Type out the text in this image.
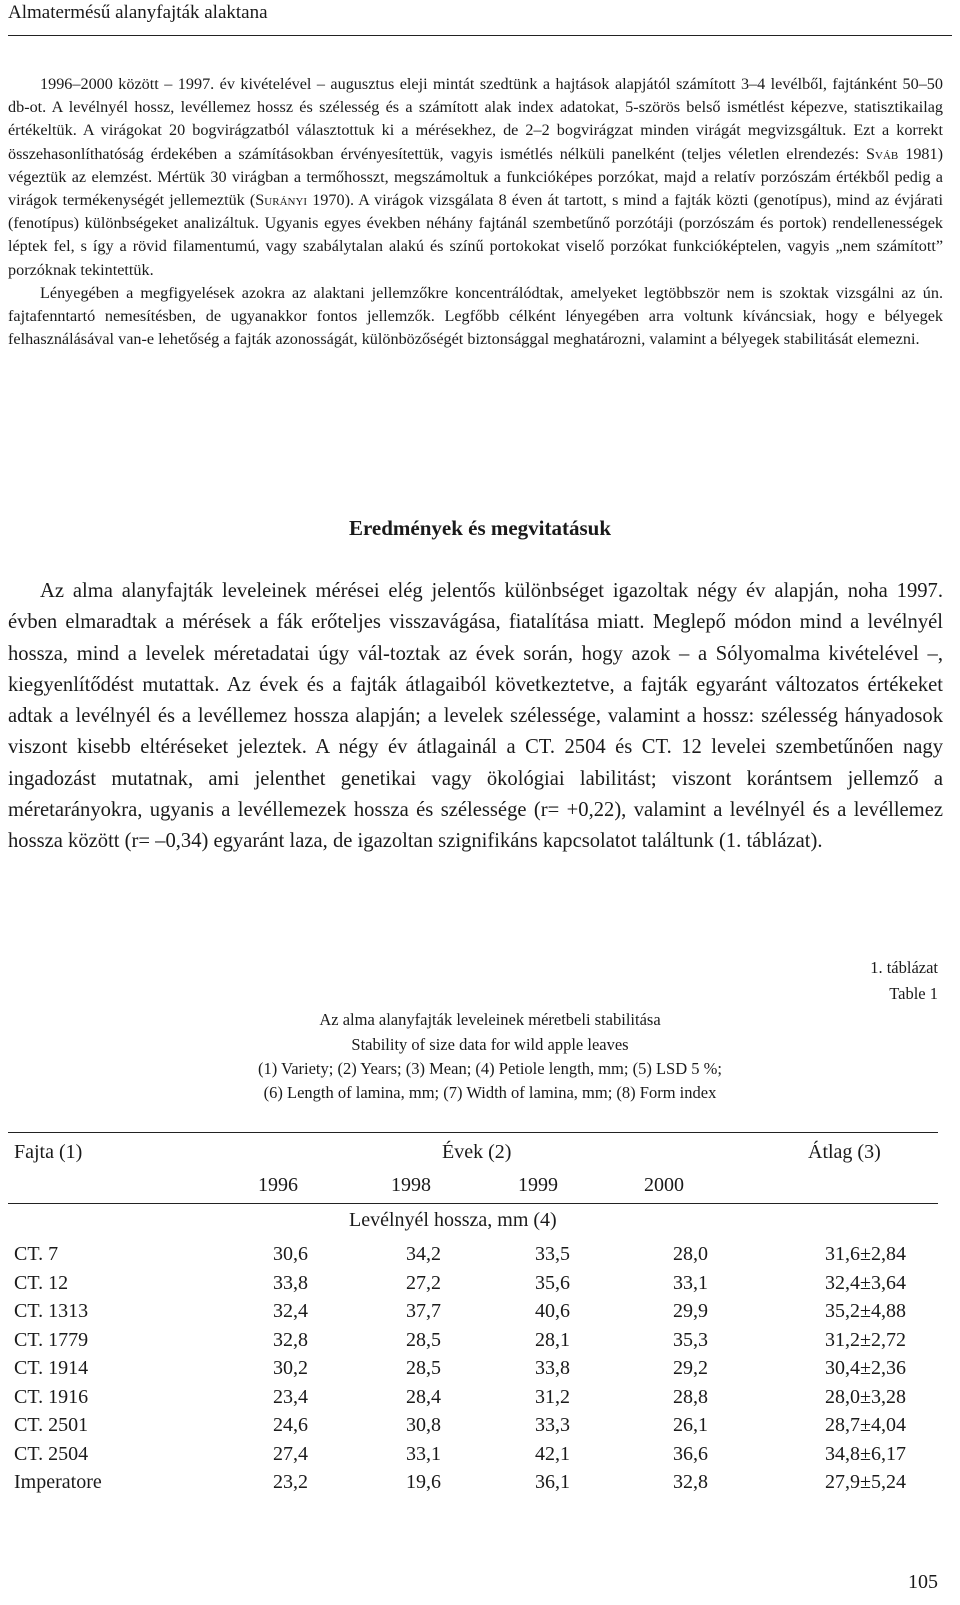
Almatermésű alanyfajták alaktana

1996–2000 között – 1997. év kivételével – augusztus eleji mintát szedtünk a hajtások alapjától számított 3–4 levélből, fajtánként 50–50 db-ot. A levélnyél hossz, levéllemez hossz és szélesség és a számított alak index adatokat, 5-szörös belső ismétlést képezve, statisztikailag értékeltük. A virágokat 20 bogvirágzatból választottuk ki a mérésekhez, de 2–2 bogvirágzat minden virágát megvizsgáltuk. Ezt a korrekt összehasonlíthatóság érdekében a számításokban érvényesítettük, vagyis ismétlés nélküli panelként (teljes véletlen elrendezés: Sváb 1981) végeztük az elemzést. Mértük 30 virágban a termőhosszt, megszámoltuk a funkcióképes porzókat, majd a relatív porzószám értékből pedig a virágok termékenységét jellemeztük (Surányi 1970). A virágok vizsgálata 8 éven át tartott, s mind a fajták közti (genotípus), mind az évjárati (fenotípus) különbségeket analizáltuk. Ugyanis egyes években néhány fajtánál szembetűnő porzótáji (porzószám és portok) rendellenességek léptek fel, s így a rövid filamentumú, vagy szabálytalan alakú és színű portokokat viselő porzókat funkcióképtelen, vagyis „nem számított” porzóknak tekintettük.

Lényegében a megfigyelések azokra az alaktani jellemzőkre koncentrálódtak, amelyeket legtöbbször nem is szoktak vizsgálni az ún. fajtafenntartó nemesítésben, de ugyanakkor fontos jellemzők. Legfőbb célként lényegében arra voltunk kíváncsiak, hogy e bélyegek felhasználásával van-e lehetőség a fajták azonosságát, különbözőségét biztonsággal meghatározni, valamint a bélyegek stabilitását elemezni.

Eredmények és megvitatásuk

Az alma alanyfajták leveleinek mérései elég jelentős különbséget igazoltak négy év alapján, noha 1997. évben elmaradtak a mérések a fák erőteljes visszavágása, fiatalítása miatt. Meglepő módon mind a levélnyél hossza, mind a levelek méretadatai úgy vál-toztak az évek során, hogy azok – a Sólyomalma kivételével –, kiegyenlítődést mutattak. Az évek és a fajták átlagaiból következtetve, a fajták egyaránt változatos értékeket adtak a levélnyél és a levéllemez hossza alapján; a levelek szélessége, valamint a hossz: szélesség hányadosok viszont kisebb eltéréseket jeleztek. A négy év átlagainál a CT. 2504 és CT. 12 levelei szembetűnően nagy ingadozást mutatnak, ami jelenthet genetikai vagy ökológiai labilitást; viszont korántsem jellemző a méretarányokra, ugyanis a levéllemezek hossza és szélessége (r= +0,22), valamint a levélnyél és a levéllemez hossza között (r= –0,34) egyaránt laza, de igazoltan szignifikáns kapcsolatot találtunk (1. táblázat).

1. táblázat
Table 1
Az alma alanyfajták leveleinek méretbeli stabilitása
Stability of size data for wild apple leaves
(1) Variety; (2) Years; (3) Mean; (4) Petiole length, mm; (5) LSD 5 %;
(6) Length of lamina, mm; (7) Width of lamina, mm; (8) Form index
Fajta (1)	Évek (2)	Átlag (3)
1996	1998	1999	2000
Levélnyél hossza, mm (4)
CT. 7	30,6	34,2	33,5	28,0	31,6±2,84
CT. 12	33,8	27,2	35,6	33,1	32,4±3,64
CT. 1313	32,4	37,7	40,6	29,9	35,2±4,88
CT. 1779	32,8	28,5	28,1	35,3	31,2±2,72
CT. 1914	30,2	28,5	33,8	29,2	30,4±2,36
CT. 1916	23,4	28,4	31,2	28,8	28,0±3,28
CT. 2501	24,6	30,8	33,3	26,1	28,7±4,04
CT. 2504	27,4	33,1	42,1	36,6	34,8±6,17
Imperatore	23,2	19,6	36,1	32,8	27,9±5,24
105
